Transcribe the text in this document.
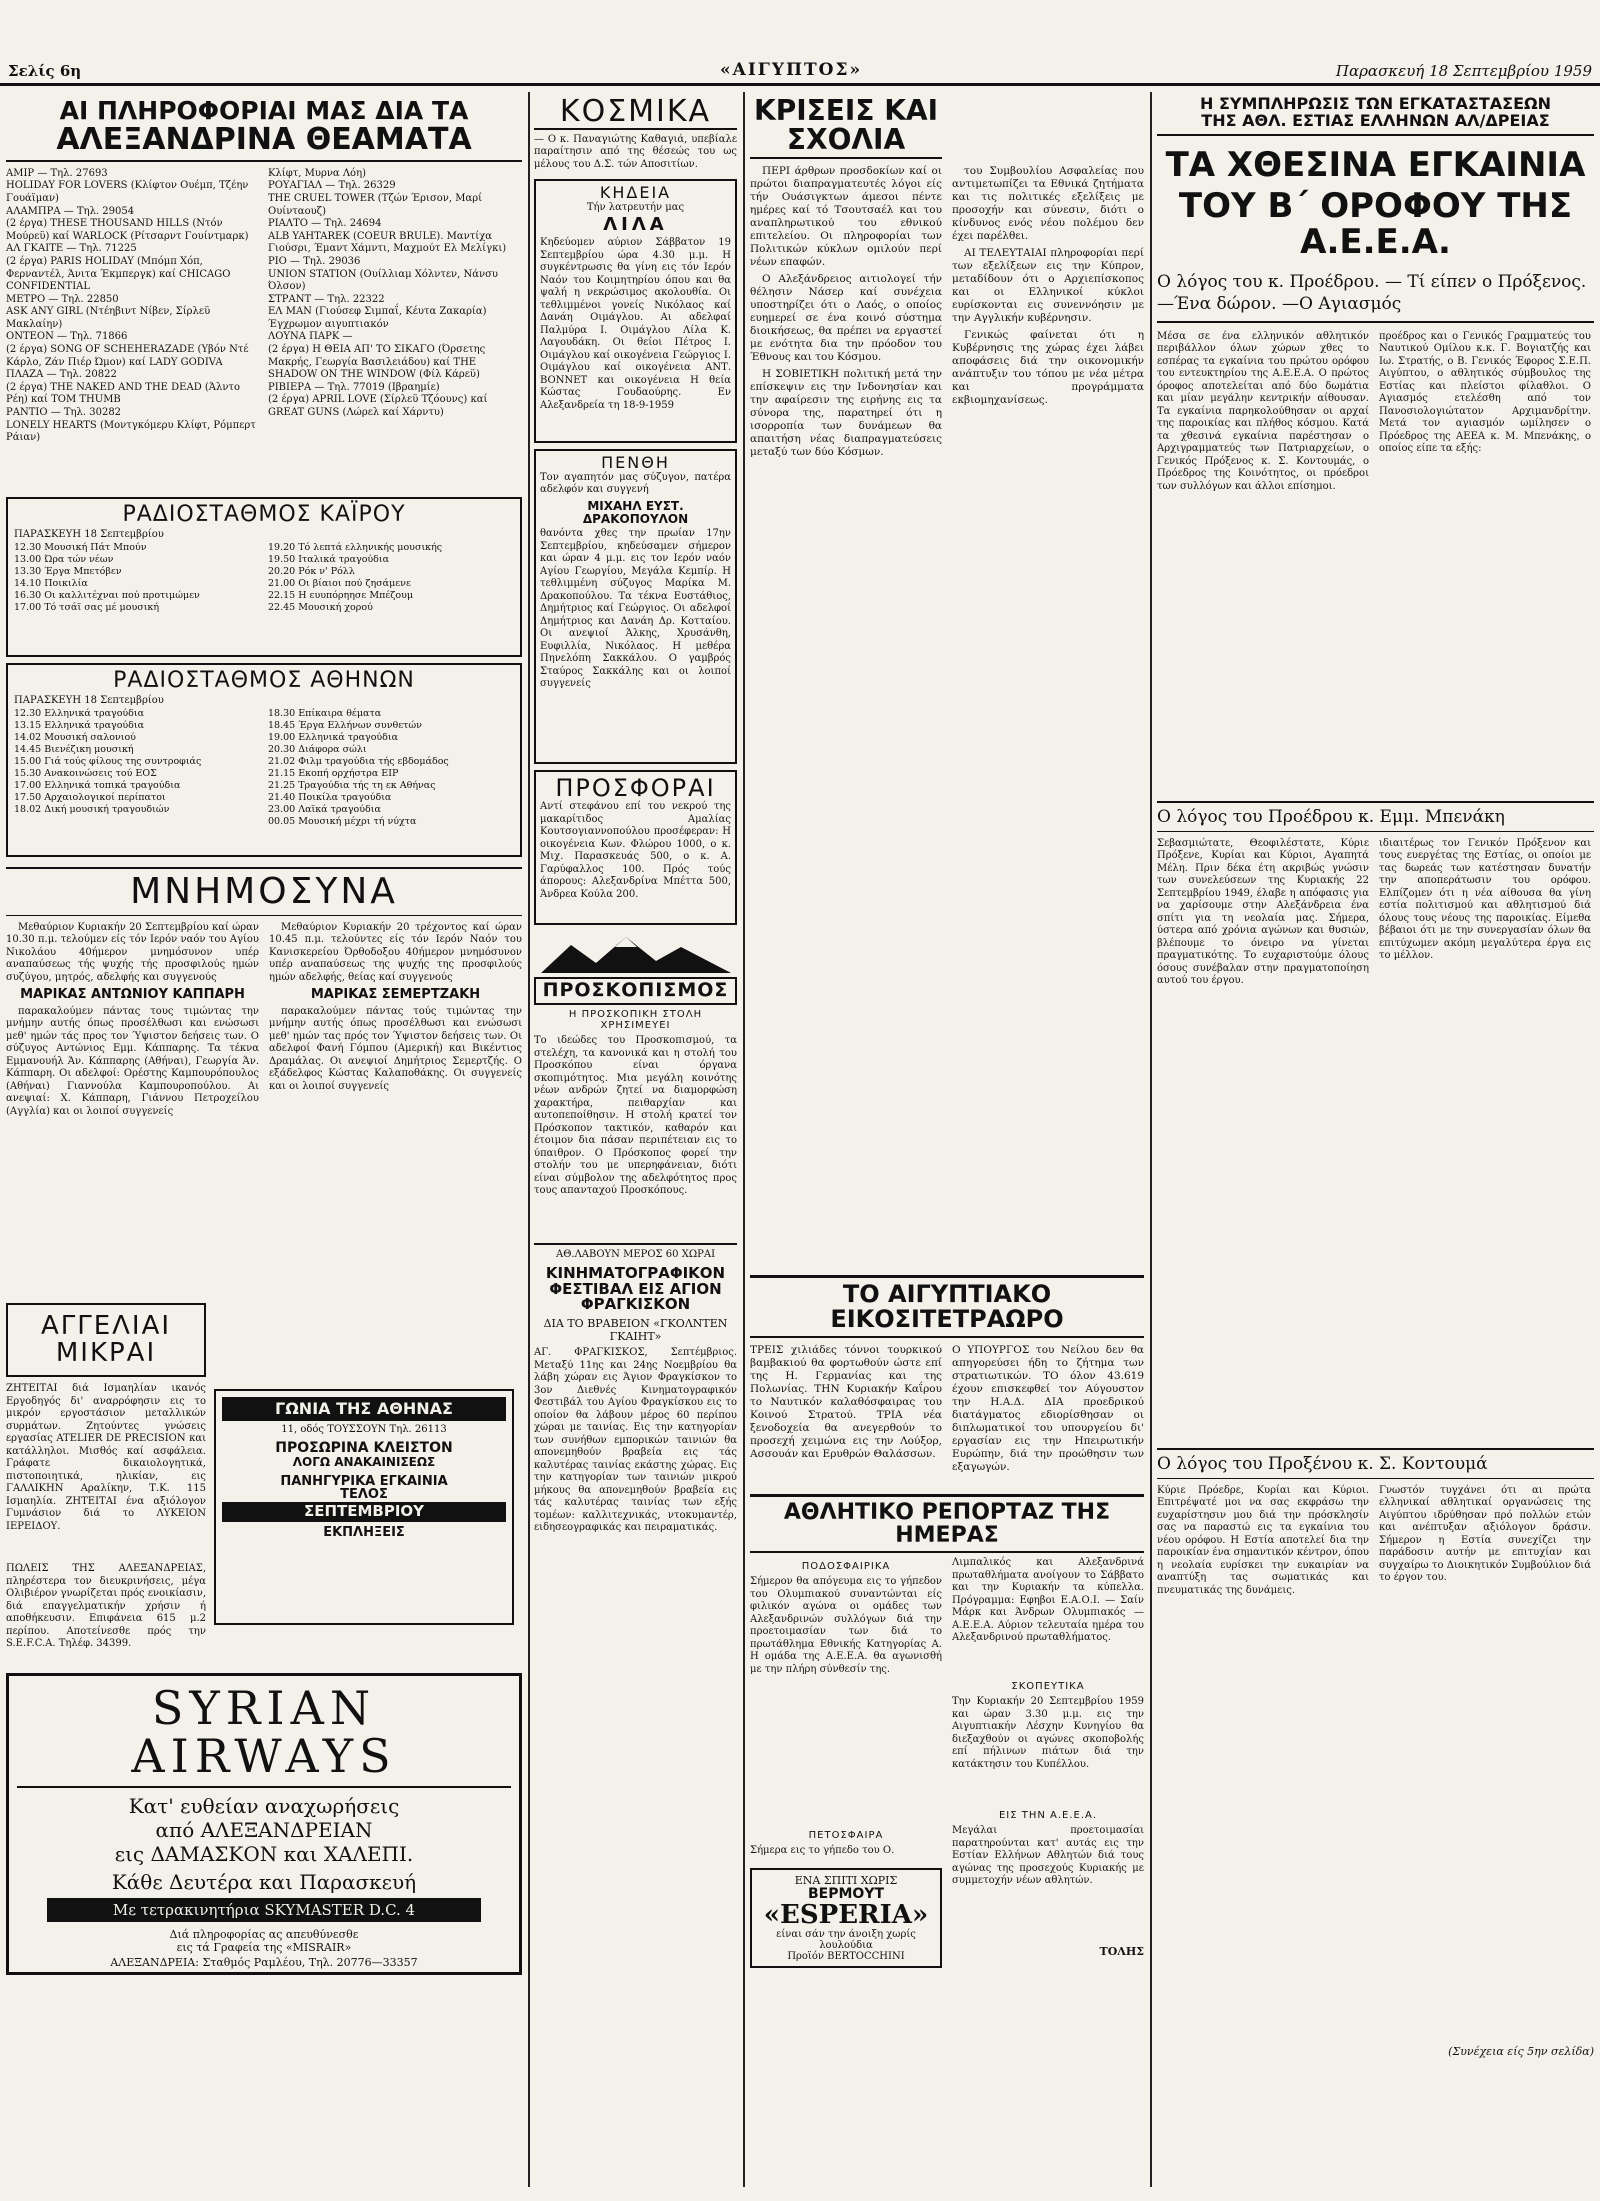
Σελίς 6η	«ΑΙΓΥΠΤΟΣ»	Παρασκευή 18 Σεπτεμβρίου 1959
ΑΙ ΠΛΗΡΟΦΟΡΙΑΙ ΜΑΣ ΔΙΑ ΤΑ
ΑΛΕΞΑΝΔΡΙΝΑ ΘΕΑΜΑΤΑ
ΑΜΙΡ — Τηλ. 27693
HOLIDAY FOR LOVERS (Κλίφτον Ουέμπ, Τζέην Γουάϊμαν)
ΑΛΑΜΠΡΑ — Τηλ. 29054
(2 έργα) THESE THOUSAND HILLS (Ντόν Μούρεϋ) καί WARLOCK (Ρίτσαρντ Γουίντμαρκ)
ΑΛ ΓΚΑΙΤΕ — Τηλ. 71225
(2 έργα) PARIS HOLIDAY (Μπόμπ Χόπ, Φερναντέλ, Άνιτα Έκμπεργκ) καί CHICAGO CONFIDENTIAL
ΜΕΤΡΟ — Τηλ. 22850
ASK ANY GIRL (Ντέηβιντ Νίβεν, Σίρλεϋ Μακλαίην)
ΟΝΤΕΟΝ — Τηλ. 71866
(2 έργα) SONG OF SCHEHERAZADE (Υβόν Ντέ Κάρλο, Ζάν Πιέρ Ώμον) καί LADY GODIVA
ΠΛΑΖΑ — Τηλ. 20822
(2 έργα) THE NAKED AND THE DEAD (Άλντο Ρέη) καί TOM THUMB
ΡΑΝΤΙΟ — Τηλ. 30282
LONELY HEARTS (Μοντγκόμερυ Κλίφτ, Ρόμπερτ Ράιαν)
Κλίφτ, Μυρνα Λόη)
ΡΟΥΑΓΙΑΛ — Τηλ. 26329
THE CRUEL TOWER (Τζών Έρισον, Μαρί Ουίνταουζ)
ΡΙΑΛΤΟ — Τηλ. 24694
ALB YAHTAREK (COEUR BRULE). Μαντίχα Γιούσρι, Έμαντ Χάμντι, Μαχμούτ Ελ Μελίγκι)
ΡΙΟ — Τηλ. 29036
UNION STATION (Ουίλλιαμ Χόλντεν, Νάνσυ Όλσον)
ΣΤΡΑΝΤ — Τηλ. 22322
ΕΛ ΜΑΝ (Γιούσεφ Σιμπαΐ, Κέυτα Ζακαρία) Έγχρωμον αιγυπτιακόν
ΛΟΥΝΑ ΠΑΡΚ —
(2 έργα) Η ΘΕΙΑ ΑΠ' ΤΟ ΣΙΚΑΓΟ (Όρσετης Μακρής, Γεωργία Βασιλειάδου) καί THE SHADOW ON THE WINDOW (Φίλ Κάρεϋ)
ΡΙΒΙΕΡΑ — Τηλ. 77019 (Ιβραημίε)
(2 έργα) APRIL LOVE (Σίρλεϋ Τζόουνς) καί GREAT GUNS (Λώρελ καί Χάρντυ)
ΡΑΔΙΟΣΤΑΘΜΟΣ ΚΑΪΡΟΥ
ΠΑΡΑΣΚΕΥΗ 18 Σεπτεμβρίου
12.30 Μουσική Πάτ Μπούν
13.00 Ώρα τών νέων
13.30 Έργα Μπετόβεν
14.10 Ποικιλία
16.30 Οι καλλιτέχναι πού προτιμώμεν
17.00 Τό τσάϊ σας μέ μουσική
19.20 Τό λεπτά ελληνικής μουσικής
19.50 Ιταλικά τραγούδια
20.20 Ρόκ ν' Ρόλλ
21.00 Οι βίαιοι πού ζησάμενε
22.15 Η ευυπόρηησε Μπέζουμ
22.45 Μουσική χορού
ΡΑΔΙΟΣΤΑΘΜΟΣ ΑΘΗΝΩΝ
ΠΑΡΑΣΚΕΥΗ 18 Σεπτεμβρίου
12.30 Ελληνικά τραγούδια
13.15 Ελληνικά τραγούδια
14.02 Μουσική σαλονιού
14.45 Βιενέζικη μουσική
15.00 Γιά τούς φίλους της συντροφιάς
15.30 Ανακοινώσεις τού ΕΟΣ
17.00 Ελληνικά τοπικά τραγούδια
17.50 Αρχαιολογικοί περίπατοι
18.02 Δική μουσική τραγουδιών
18.30 Επίκαιρα θέματα
18.45 Έργα Ελλήνων συνθετών
19.00 Ελληνικά τραγούδια
20.30 Διάφορα σώλι
21.02 Φιλμ τραγούδια τής εβδομάδος
21.15 Εκοπή ορχήστρα EIP
21.25 Τραγούδια τής τη εκ Αθήνας
21.40 Ποικίλα τραγούδια
23.00 Λαϊκά τραγούδια
00.05 Μουσική μέχρι τή νύχτα
ΜΝΗΜΟΣΥΝΑ

Μεθαύριον Κυριακήν 20 Σεπτεμβρίου καί ώραν 10.30 π.μ. τελούμεν είς τόν Ιερόν ναόν του Αγίου Νικολάου 40ήμερον μνημόσυνον υπέρ αναπαύσεως τής ψυχής τής προσφιλούς ημών συζύγου, μητρός, αδελφής και συγγενούς

ΜΑΡΙΚΑΣ ΑΝΤΩΝΙΟΥ ΚΑΠΠΑΡΗ

παρακαλούμεν πάντας τους τιμώντας την μνήμην αυτής όπως προσέλθωσι και ενώσωσι μεθ' ημών τάς προς τον Ύψιστον δεήσεις των. Ο σύζυγος Αντώνιος Εμμ. Κάππαρης. Τα τέκνα Εμμανουήλ Άν. Κάππαρης (Αθήναι), Γεωργία Άν. Κάππαρη. Οι αδελφοί: Ορέστης Καμπουρόπουλος (Αθήναι) Γιαννούλα Καμπουροπούλου. Αι ανεψιαί: Χ. Κάππαρη, Γιάννου Πετροχείλου (Αγγλία) και οι λοιποί συγγενείς

Μεθαύριον Κυριακήν 20 τρέχοντος καί ώραν 10.45 π.μ. τελούντες είς τόν Ιερόν Ναόν του Κανισκερείου Όρθοδοξου 40ήμερον μνημόσυνον υπέρ αναπαύσεως της ψυχής της προσφιλούς ημών αδελφής, θείας καί συγγενούς

ΜΑΡΙΚΑΣ ΣΕΜΕΡΤΖΑΚΗ

παρακαλούμεν πάντας τούς τιμώντας την μνήμην αυτής όπως προσέλθωσι και ενώσωσι μεθ' ημών τας πρός τον Ύψιστον δεήσεις των. Οι αδελφοί Φανή Γόμπου (Αμερική) και Βικέντιος Δραμάλας. Οι ανεψιοί Δημήτριος Σεμερτζής. Ο εξάδελφος Κώστας Καλαποθάκης. Οι συγγενείς και οι λοιποί συγγενείς

ΑΓΓΕΛΙΑΙ ΜΙΚΡΑΙ
ΖΗΤΕΙΤΑΙ διά Ισμαηλίαν ικανός Εργοδηγός δι' αναρρόφησιν εις το μικρόν εργοστάσιον μεταλλικών συρμάτων. Ζητούντες γνώσεις εργασίας ATELIER DE PRECISION και κατάλληλοι. Μισθός καί ασφάλεια. Γράφατε δικαιολογητικά, πιστοποιητικά, ηλικίαν, εις ΓΑΛΛΙΚΗΝ Αραλίκην, Τ.Κ. 115 Ισμαηλία. ΖΗΤΕΙΤΑΙ ένα αξιόλογον Γυμνάσιον διά το ΛΥΚΕΙΟΝ ΙΕΡΕΙΔΟΥ.
ΠΩΛΕΙΣ ΤΗΣ ΑΛΕΞΑΝΔΡΕΙΑΣ, πληρέστερα τον διευκρινήσεις, μέγα Ολιβιέρον γνωρίζεται πρός ενοικίασιν, διά επαγγελματικήν χρήσιν ή αποθήκευσιν. Επιφάνεια 615 μ.2 περίπου. Αποτείνεσθε πρός την S.E.F.C.A. Τηλέφ. 34399.
ΓΩΝΙΑ ΤΗΣ ΑΘΗΝΑΣ
11, οδός ΤΟΥΣΣΟΥΝ Τηλ. 26113
ΠΡΟΣΩΡΙΝΑ ΚΛΕΙΣΤΟΝ
ΛΟΓΩ ΑΝΑΚΑΙΝΙΣΕΩΣ
ΠΑΝΗΓΥΡΙΚΑ ΕΓΚΑΙΝΙΑ
ΤΕΛΟΣ
ΣΕΠΤΕΜΒΡΙΟΥ
ΕΚΠΛΗΞΕΙΣ
SYRIAN AIRWAYS
Κατ' ευθείαν αναχωρήσεις
από ΑΛΕΞΑΝΔΡΕΙΑΝ
εις ΔΑΜΑΣΚΟΝ και ΧΑΛΕΠΙ.
Κάθε Δευτέρα και Παρασκευή
Με τετρακινητήρια SKYMASTER D.C. 4
Διά πληροφορίας ας απευθύνεσθε
εις τά Γραφεία της «MISRAIR»
ΑΛΕΞΑΝΔΡΕΙΑ: Σταθμός Ραμλέου, Τηλ. 20776—33357
ΚΟΣΜΙΚΑ
— Ο κ. Παναγιώτης Καθαγιά, υπεβίαλε παραίτησιν από της θέσεώς του ως μέλους του Δ.Σ. τών Αποσιτίων.
ΚΗΔΕΙΑ
Τήν λατρευτήν μας
ΛΙΛΑ
Κηδεύομεν αύριον Σάββατον 19 Σεπτεμβρίου ώρα 4.30 μ.μ. Η συγκέντρωσις θα γίνη εις τόν Ιερόν Ναόν του Κοιμητηρίου όπου και θα ψαλή η νεκρώσιμος ακολουθία. Οι τεθλιμμένοι γονείς Νικόλαος καί Δανάη Οιμάγλου. Αι αδελφαί Παλμύρα Ι. Οιμάγλου Λίλα Κ. Λαγουδάκη. Οι θείοι Πέτρος Ι. Οιμάγλου καί οικογένεια Γεώργιος Ι. Οιμάγλου καί οικογένεια ΑΝΤ. BONNET και οικογένεια Η θεία Κώστας Γουδαούρης. Εν Αλεξανδρεία τη 18-9-1959
ΠΕΝΘΗ
Τον αγαπητόν μας σύζυγον, πατέρα αδελφόν και συγγενή
ΜΙΧΑΗΛ ΕΥΣΤ. ΔΡΑΚΟΠΟΥΛΟΝ
θανόντα χθες την πρωίαν 17ην Σεπτεμβρίου, κηδεύσαμεν σήμερον και ώραν 4 μ.μ. εις τον Ιερόν ναόν Αγίου Γεωργίου, Μεγάλα Κεμπίρ. Η τεθλιμμένη σύζυγος Μαρίκα Μ. Δρακοπούλου. Τα τέκνα Ευστάθιος, Δημήτριος καί Γεώργιος. Οι αδελφοί Δημήτριος και Δανάη Δρ. Κοτταίου. Οι ανεψιοί Άλκης, Χρυσάνθη, Ευφιλλία, Νικόλαος. Η μεθέρα Πηνελόπη Σακκάλου. Ο γαμβρός Σταύρος Σακκάλης και οι λοιποί συγγενείς
ΠΡΟΣΦΟΡΑΙ
Αντί στεφάνου επί του νεκρού της μακαρίτιδος Αμαλίας Κουτσογιαννοπούλου προσέφεραν: Η οικογένεια Κων. Φλώρου 1000, ο κ. Μιχ. Παρασκευάς 500, ο κ. Α. Γαρύφαλλος 100. Πρός τούς άπορους: Αλεξανδρίνα Μπέττα 500, Άνδρεα Κούλα 200.
ΠΡΟΣΚΟΠΙΣΜΟΣ
Η ΠΡΟΣΚΟΠΙΚΗ ΣΤΟΛΗ ΧΡΗΣΙΜΕΥΕΙ
Το ιδεώδες του Προσκοπισμού, τα στελέχη, τα κανονικά και η στολή του Προσκόπου είναι όργανα σκοπιμότητος. Μια μεγάλη κοινότης νέων ανδρών ζητεί να διαμορφώση χαρακτήρα, πειθαρχίαν και αυτοπεποίθησιν. Η στολή κρατεί τον Πρόσκοπον τακτικόν, καθαρόν και έτοιμον δια πάσαν περιπέτειαν εις το ύπαιθρον. Ο Πρόσκοπος φορεί την στολήν του με υπερηφάνειαν, διότι είναι σύμβολον της αδελφότητος προς τους απανταχού Προσκόπους.
ΑΘ.ΛΑΒΟΥΝ ΜΕΡΟΣ 60 ΧΩΡΑΙ
ΚΙΝΗΜΑΤΟΓΡΑΦΙΚΟΝ ΦΕΣΤΙΒΑΛ ΕΙΣ ΑΓΙΟΝ ΦΡΑΓΚΙΣΚΟΝ
ΔΙΑ ΤΟ ΒΡΑΒΕΙΟΝ «ΓΚΟΛΝΤΕΝ ΓΚΑΙΗΤ»
ΑΓ. ΦΡΑΓΚΙΣΚΟΣ, Σεπτέμβριος. Μεταξύ 11ης και 24ης Νοεμβρίου θα λάβη χώραν εις Άγιον Φραγκίσκον το 3ον Διεθνές Κινηματογραφικόν Φεστιβάλ του Αγίου Φραγκίσκου εις το οποίον θα λάβουν μέρος 60 περίπου χώραι με ταινίας. Εις την κατηγορίαν των συνήθων εμπορικών ταινιών θα απονεμηθούν βραβεία εις τάς καλυτέρας ταινίας εκάστης χώρας. Εις την κατηγορίαν των ταινιών μικρού μήκους θα απονεμηθούν βραβεία εις τάς καλυτέρας ταινίας των εξής τομέων: καλλιτεχνικάς, ντοκυμαντέρ, ειδησεογραφικάς και πειραματικάς.
ΚΡΙΣΕΙΣ ΚΑΙ ΣΧΟΛΙΑ

ΠΕΡΙ άρθρων προσδοκίων καί οι πρώτοι διαπραγματευτές λόγοι είς τήν Ουάσιγκτων άμεσοι πέντε ημέρες καί τό Τσουτσαέλ και του αναπληρωτικού του εθνικού επιτελείου. Οι πληροφορίαι των Πολιτικών κύκλων ομιλούν περί νέων επαφών.

Ο Αλεξάνδρειος αιτιολογεί τήν θέλησιν Νάσερ καί συνέχεια υποστηρίζει ότι ο Λαός, ο οποίος ευημερεί σε ένα κοινό σύστημα διοικήσεως, θα πρέπει να εργαστεί με ενότητα δια την πρόοδον του Έθνους και του Κόσμου.

Η ΣΟΒΙΕΤΙΚΗ πολιτική μετά την επίσκεψιν εις την Ινδονησίαν και την αφαίρεσιν της ειρήνης εις τα σύνορα της, παρατηρεί ότι η ισορροπία των δυνάμεων θα απαιτήση νέας διαπραγματεύσεις μεταξύ των δύο Κόσμων.

του Συμβουλίου Ασφαλείας που αντιμετωπίζει τα Εθνικά ζητήματα και τις πολιτικές εξελίξεις με προσοχήν και σύνεσιν, διότι ο κίνδυνος ενός νέου πολέμου δεν έχει παρέλθει.

ΑΙ ΤΕΛΕΥΤΑΙΑΙ πληροφορίαι περί των εξελίξεων εις την Κύπρον, μεταδίδουν ότι ο Αρχιεπίσκοπος και οι Ελληνικοί κύκλοι ευρίσκονται εις συνεννόησιν με την Αγγλικήν κυβέρνησιν.

Γενικώς φαίνεται ότι η Κυβέρνησις της χώρας έχει λάβει αποφάσεις διά την οικονομικήν ανάπτυξιν του τόπου με νέα μέτρα και προγράμματα εκβιομηχανίσεως.

ΤΟ ΑΙΓΥΠΤΙΑΚΟ ΕΙΚΟΣΙΤΕΤΡΑΩΡΟ
ΤΡΕΙΣ χιλιάδες τόννοι τουρκικού βαμβακιού θα φορτωθούν ώστε επί της Η. Γερμανίας και της Πολωνίας. ΤΗΝ Κυριακήν Καΐρου το Ναυτικόν καλαθόσφαιρας του Κοινού Στρατού. ΤΡΙΑ νέα ξενοδοχεία θα ανεγερθούν το προσεχή χειμώνα εις την Λούξορ, Ασσουάν και Ερυθρών Θαλάσσων.
Ο ΥΠΟΥΡΓΟΣ του Νείλου δεν θα απηγορεύσει ήδη το ζήτημα των στρατιωτικών. ΤΟ όλον 43.619 έχουν επισκεφθεί τον Αύγουστον την Η.Α.Δ. ΔΙΑ προεδρικού διατάγματος εδιορίσθησαν οι διπλωματικοί του υπουργείου δι' εργασίαν εις την Ηπειρωτικήν Ευρώπην, διά την προώθησιν των εξαγωγών.
ΑΘΛΗΤΙΚΟ ΡΕΠΟΡΤΑΖ ΤΗΣ ΗΜΕΡΑΣ
ΠΟΔΟΣΦΑΙΡΙΚΑ
Σήμερον θα απόγευμα εις το γήπεδον του Ολυμπιακού συναντώνται είς φιλικόν αγώνα οι ομάδες των Αλεξανδρινών συλλόγων διά την προετοιμασίαν των διά το πρωτάθλημα Εθνικής Κατηγορίας Α. Η ομάδα της Α.Ε.Ε.Α. θα αγωνισθή με την πλήρη σύνθεσίν της.
ΠΕΤΟΣΦΑΙΡΑ
Σήμερα εις το γήπεδο του Ο.
ΕΝΑ ΣΠΙΤΙ ΧΩΡΙΣ
ΒΕΡΜΟΥΤ
«ESPERIA»
είναι σάν την άνοιξη χωρίς λουλούδια
Προϊόν BERTOCCHINI
Λιμπαλικός και Αλεξανδρινά πρωταθλήματα ανοίγουν το Σάββατο και την Κυριακήν τα κύπελλα. Πρόγραμμα: Εφηβοι Ε.Α.Ο.Ι. — Σαίν Μάρκ και Άνδρων Ολυμπιακός — Α.Ε.Ε.Α. Αύριον τελευταία ημέρα του Αλεξανδρινού πρωταθλήματος.
ΣΚΟΠΕΥΤΙΚΑ
Την Κυριακήν 20 Σεπτεμβρίου 1959 και ώραν 3.30 μ.μ. εις την Αιγυπτιακήν Λέσχην Κυνηγίου θα διεξαχθούν οι αγώνες σκοποβολής επί πήλινων πιάτων διά την κατάκτησιν του Κυπέλλου.
ΕΙΣ ΤΗΝ Α.Ε.Ε.Α.
Μεγάλαι προετοιμασίαι παρατηρούνται κατ' αυτάς εις την Εστίαν Ελλήνων Αθλητών διά τους αγώνας της προσεχούς Κυριακής με συμμετοχήν νέων αθλητών.
ΤΟΛΗΣ
Η ΣΥΜΠΛΗΡΩΣΙΣ ΤΩΝ ΕΓΚΑΤΑΣΤΑΣΕΩΝ
ΤΗΣ ΑΘΛ. ΕΣΤΙΑΣ ΕΛΛΗΝΩΝ ΑΛ/ΔΡΕΙΑΣ
ΤΑ ΧΘΕΣΙΝΑ ΕΓΚΑΙΝΙΑ
ΤΟΥ Β΄ ΟΡΟΦΟΥ ΤΗΣ Α.Ε.Ε.Α.
Ο λόγος του κ. Προέδρου. — Τί είπεν ο Πρόξενος.—Ένα δώρον. —Ο Αγιασμός
Μέσα σε ένα ελληνικόν αθλητικόν περιβάλλον όλων χώρων χθες το εσπέρας τα εγκαίνια του πρώτου ορόφου του εντευκτηρίου της Α.Ε.Ε.Α. Ο πρώτος όροφος αποτελείται από δύο δωμάτια και μίαν μεγάλην κεντρικήν αίθουσαν. Τα εγκαίνια παρηκολούθησαν οι αρχαί της παροικίας και πλήθος κόσμου. Κατά τα χθεσινά εγκαίνια παρέστησαν ο Αρχιγραμματεύς των Πατριαρχείων, ο Γενικός Πρόξενος κ. Σ. Κοντουμάς, ο Πρόεδρος της Κοινότητος, οι πρόεδροι των συλλόγων και άλλοι επίσημοι.
προέδρος και ο Γενικός Γραμματεύς του Ναυτικού Ομίλου κ.κ. Γ. Βογιατζής και Ιω. Στρατής, ο Β. Γενικός Έφορος Σ.Ε.Π. Αιγύπτου, ο αθλητικός σύμβουλος της Εστίας και πλείστοι φίλαθλοι. Ο Αγιασμός ετελέσθη από τον Πανοσιολογιώτατον Αρχιμανδρίτην. Μετά τον αγιασμόν ωμίλησεν ο Πρόεδρος της ΑΕΕΑ κ. Μ. Μπενάκης, ο οποίος είπε τα εξής:
Ο λόγος του Προέδρου κ. Εμμ. Μπενάκη
Σεβασμιώτατε, Θεοφιλέστατε, Κύριε Πρόξενε, Κυρίαι και Κύριοι, Αγαπητά Μέλη. Πριν δέκα έτη ακριβώς γνώσιν των συνελεύσεων της Κυριακής 22 Σεπτεμβρίου 1949, έλαβε η απόφασις για να χαρίσουμε στην Αλεξάνδρεια ένα σπίτι για τη νεολαία μας. Σήμερα, ύστερα από χρόνια αγώνων και θυσιών, βλέπουμε το όνειρο να γίνεται πραγματικότης. Το ευχαριστούμε όλους όσους συνέβαλαν στην πραγματοποίηση αυτού του έργου.
ιδιαιτέρως τον Γενικόν Πρόξενον και τους ευεργέτας της Εστίας, οι οποίοι με τας δωρεάς των κατέστησαν δυνατήν την αποπεράτωσιν του ορόφου. Ελπίζομεν ότι η νέα αίθουσα θα γίνη εστία πολιτισμού και αθλητισμού διά όλους τους νέους της παροικίας. Είμεθα βέβαιοι ότι με την συνεργασίαν όλων θα επιτύχωμεν ακόμη μεγαλύτερα έργα εις το μέλλον.
Ο λόγος του Προξένου κ. Σ. Κοντουμά
Κύριε Πρόεδρε, Κυρίαι και Κύριοι. Επιτρέψατέ μοι να σας εκφράσω την ευχαρίστησιν μου διά την πρόσκλησίν σας να παραστώ εις τα εγκαίνια του νέου ορόφου. Η Εστία αποτελεί δια την παροικίαν ένα σημαντικόν κέντρον, όπου η νεολαία ευρίσκει την ευκαιρίαν να αναπτύξη τας σωματικάς και πνευματικάς της δυνάμεις.
Γνωστόν τυγχάνει ότι αι πρώτα ελληνικαί αθλητικαί οργανώσεις της Αιγύπτου ιδρύθησαν πρό πολλών ετών και ανέπτυξαν αξιόλογον δράσιν. Σήμερον η Εστία συνεχίζει την παράδοσιν αυτήν με επιτυχίαν και συγχαίρω το Διοικητικόν Συμβούλιον διά το έργον του.
(Συνέχεια είς 5ην σελίδα)
